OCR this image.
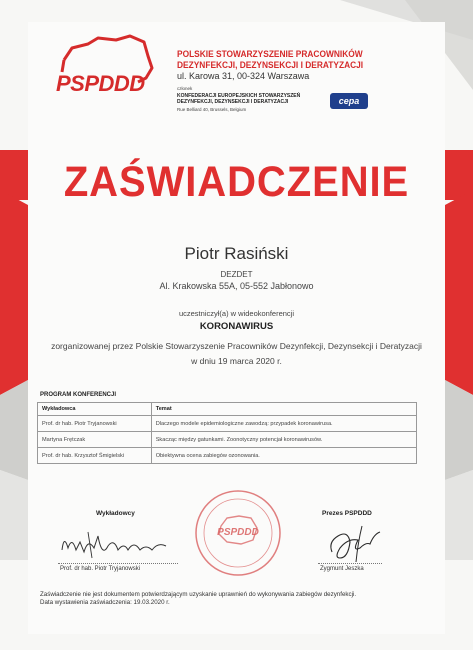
PSPDDD
POLSKIE STOWARZYSZENIE PRACOWNIKÓW
DEZYNFEKCJI, DEZYNSEKCJI I DERATYZACJI
ul. Karowa 31, 00-324 Warszawa
członek
KONFEDERACJI EUROPEJSKICH STOWARZYSZEŃ
DEZYNFEKCJI, DEZYNSEKCJI I DERATYZACJI
Rue Belliard 40, Brussels, Belgium
cepa
ZAŚWIADCZENIE
Piotr Rasiński
DEZDET
Al. Krakowska 55A, 05-552 Jabłonowo
uczestniczył(a) w wideokonferencji
KORONAWIRUS
zorganizowanej przez Polskie Stowarzyszenie Pracowników Dezynfekcji, Dezynsekcji i Deratyzacji
w dniu 19 marca 2020 r.
PROGRAM KONFERENCJI
Wykładowca	Temat
Prof. dr hab. Piotr Tryjanowski	Dlaczego modele epidemiologiczne zawodzą: przypadek koronawirusa.
Martyna Frętczak	Skacząc między gatunkami. Zoonotyczny potencjał koronawirusów.
Prof. dr hab. Krzysztof Śmigielski	Obiektywna ocena zabiegów ozonowania.
Wykładowcy	Prezes PSPDDD
Prof. dr hab. Piotr Tryjanowski	Zygmunt Jeszka
PSPDDD
Zaświadczenie nie jest dokumentem potwierdzającym uzyskanie uprawnień do wykonywania zabiegów dezynfekcji.
Data wystawienia zaświadczenia: 19.03.2020 r.
